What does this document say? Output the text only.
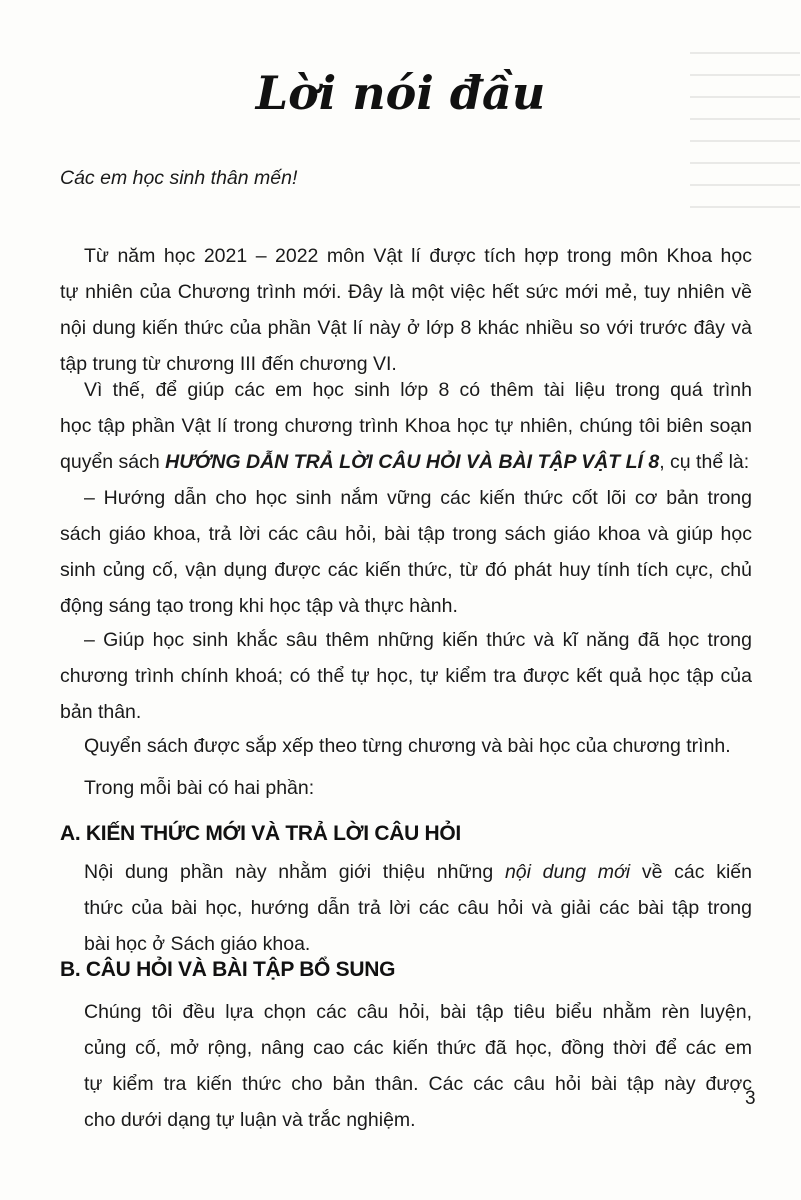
Lời nói đầu

Các em học sinh thân mến!

Từ năm học 2021 – 2022 môn Vật lí được tích hợp trong môn Khoa học
tự nhiên của Chương trình mới. Đây là một việc hết sức mới mẻ, tuy nhiên về
nội dung kiến thức của phần Vật lí này ở lớp 8 khác nhiều so với trước đây và
tập trung từ chương III đến chương VI.

Vì thế, để giúp các em học sinh lớp 8 có thêm tài liệu trong quá trình
học tập phần Vật lí trong chương trình Khoa học tự nhiên, chúng tôi biên soạn
quyển sách HƯỚNG DẪN TRẢ LỜI CÂU HỎI VÀ BÀI TẬP VẬT LÍ 8, cụ thể là:

– Hướng dẫn cho học sinh nắm vững các kiến thức cốt lõi cơ bản trong
sách giáo khoa, trả lời các câu hỏi, bài tập trong sách giáo khoa và giúp học
sinh củng cố, vận dụng được các kiến thức, từ đó phát huy tính tích cực, chủ
động sáng tạo trong khi học tập và thực hành.

– Giúp học sinh khắc sâu thêm những kiến thức và kĩ năng đã học trong
chương trình chính khoá; có thể tự học, tự kiểm tra được kết quả học tập của
bản thân.

Quyển sách được sắp xếp theo từng chương và bài học của chương trình.

Trong mỗi bài có hai phần:

A. KIẾN THỨC MỚI VÀ TRẢ LỜI CÂU HỎI

Nội dung phần này nhằm giới thiệu những nội dung mới về các kiến
thức của bài học, hướng dẫn trả lời các câu hỏi và giải các bài tập trong
bài học ở Sách giáo khoa.

B. CÂU HỎI VÀ BÀI TẬP BỔ SUNG

Chúng tôi đều lựa chọn các câu hỏi, bài tập tiêu biểu nhằm rèn luyện,
củng cố, mở rộng, nâng cao các kiến thức đã học, đồng thời để các em
tự kiểm tra kiến thức cho bản thân. Các các câu hỏi bài tập này được
cho dưới dạng tự luận và trắc nghiệm.

3
